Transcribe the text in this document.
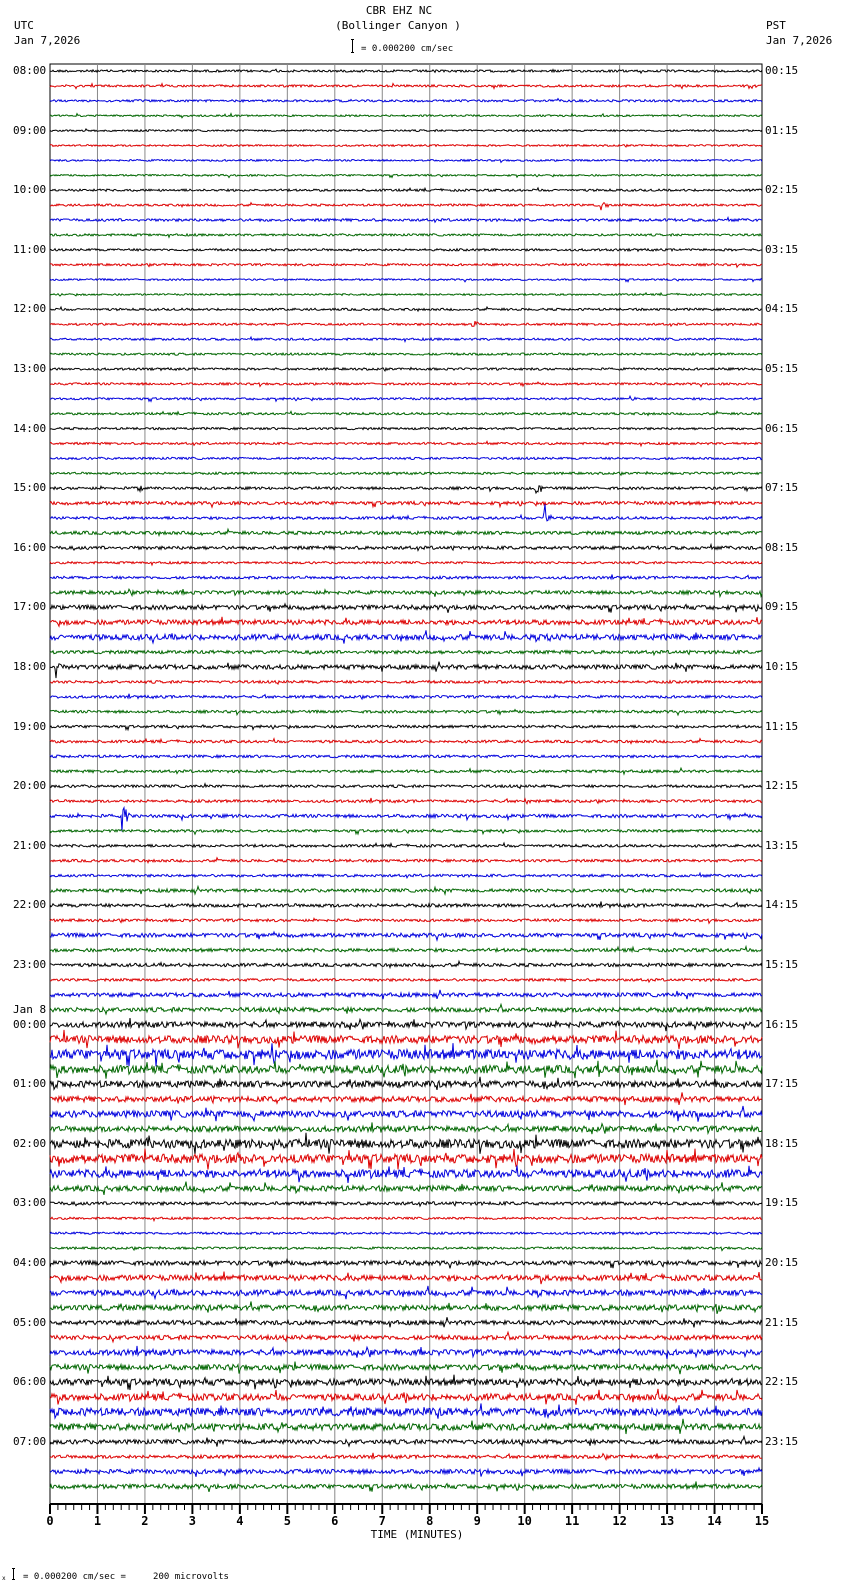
CBR EHZ NC
(Bollinger Canyon )
UTC
Jan 7,2026
PST
Jan 7,2026
= 0.000200 cm/sec
0	1	2	3	4	5	6	7	8	9	10	11	12	13	14	15
08:00
09:00
10:00
11:00
12:00
13:00
14:00
15:00
16:00
17:00
18:00
19:00
20:00
21:00
22:00
23:00
00:00
01:00
02:00
03:00
04:00
05:00
06:00
07:00
00:15
01:15
02:15
03:15
04:15
05:15
06:15
07:15
08:15
09:15
10:15
11:15
12:15
13:15
14:15
15:15
16:15
17:15
18:15
19:15
20:15
21:15
22:15
23:15
Jan 8
TIME (MINUTES)
x = 0.000200 cm/sec =     200 microvolts
